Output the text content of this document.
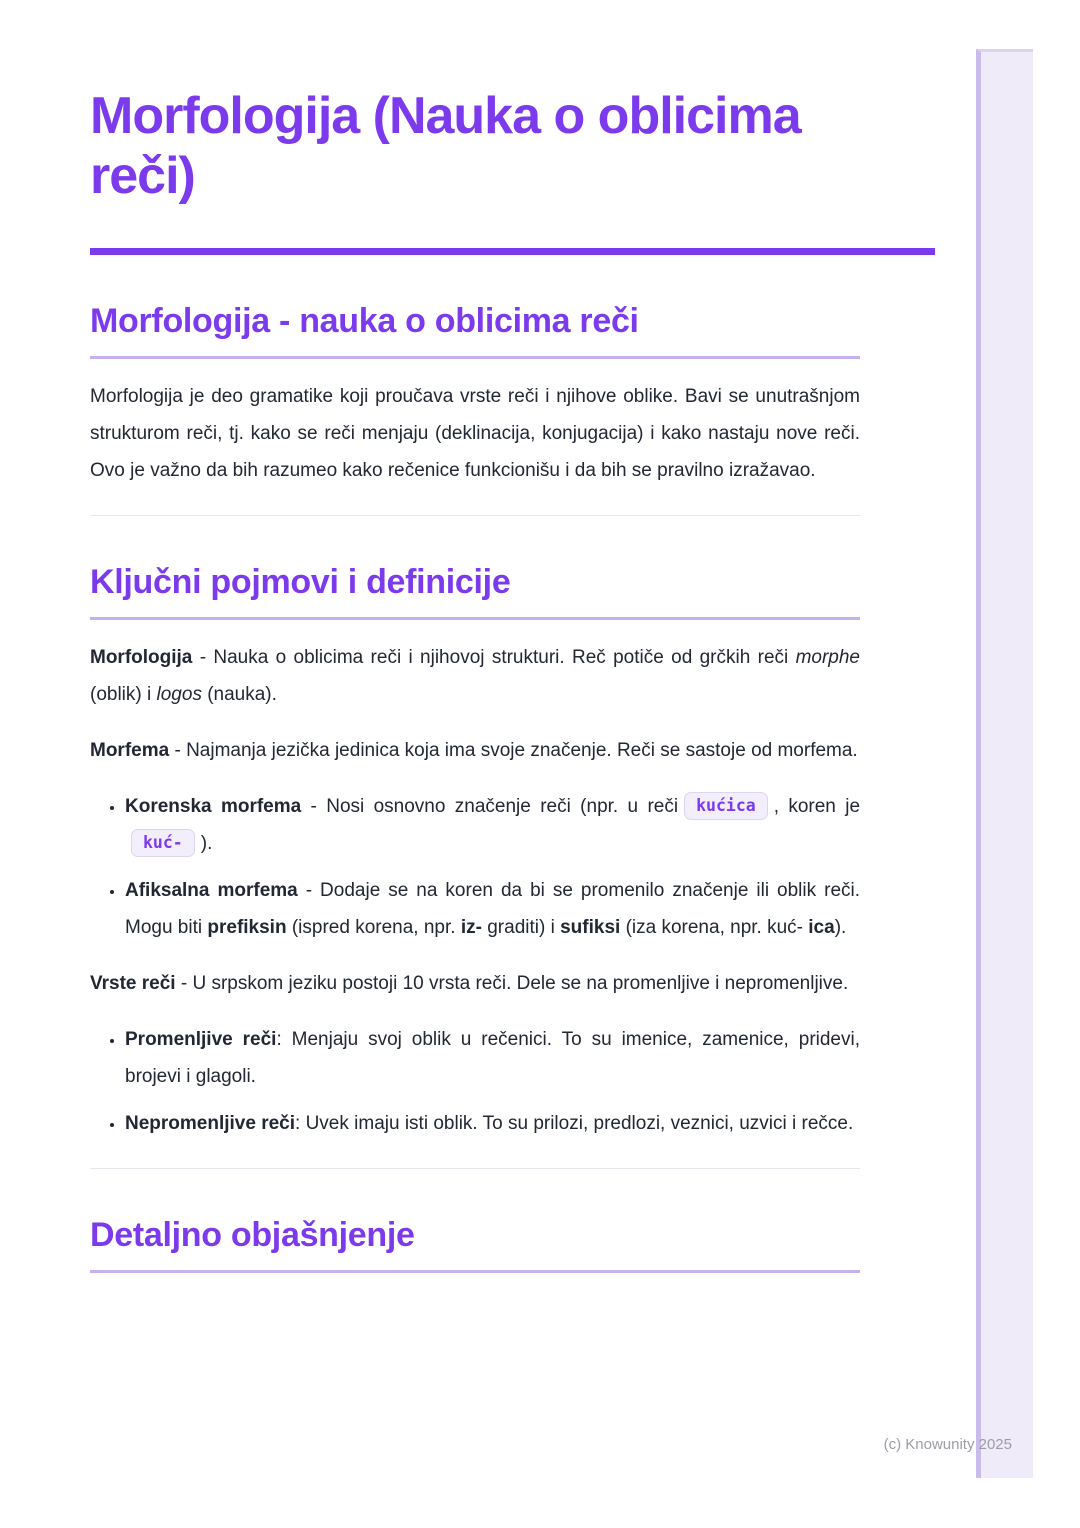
Morfologija (Nauka o oblicima reči)
Morfologija - nauka o oblicima reči

Morfologija je deo gramatike koji proučava vrste reči i njihove oblike. Bavi se unutrašnjom strukturom reči, tj. kako se reči menjaju (deklinacija, konjugacija) i kako nastaju nove reči. Ovo je važno da bih razumeo kako rečenice funkcionišu i da bih se pravilno izražavao.

Ključni pojmovi i definicije

Morfologija - Nauka o oblicima reči i njihovoj strukturi. Reč potiče od grčkih reči morphe (oblik) i logos (nauka).

Morfema - Najmanja jezička jedinica koja ima svoje značenje. Reči se sastoje od morfema.

• Korenska morfema - Nosi osnovno značenje reči (npr. u reči kućica , koren jekuć- ).
• Afiksalna morfema - Dodaje se na koren da bi se promenilo značenje ili oblik reči. Mogu biti prefiksin (ispred korena, npr. iz- graditi) i sufiksi (iza korena, npr. kuć- ica).

Vrste reči - U srpskom jeziku postoji 10 vrsta reči. Dele se na promenljive i nepromenljive.

• Promenljive reči: Menjaju svoj oblik u rečenici. To su imenice, zamenice, pridevi, brojevi i glagoli.
• Nepromenljive reči: Uvek imaju isti oblik. To su prilozi, predlozi, veznici, uzvici i rečce.
Detaljno objašnjenje
(c) Knowunity 2025
